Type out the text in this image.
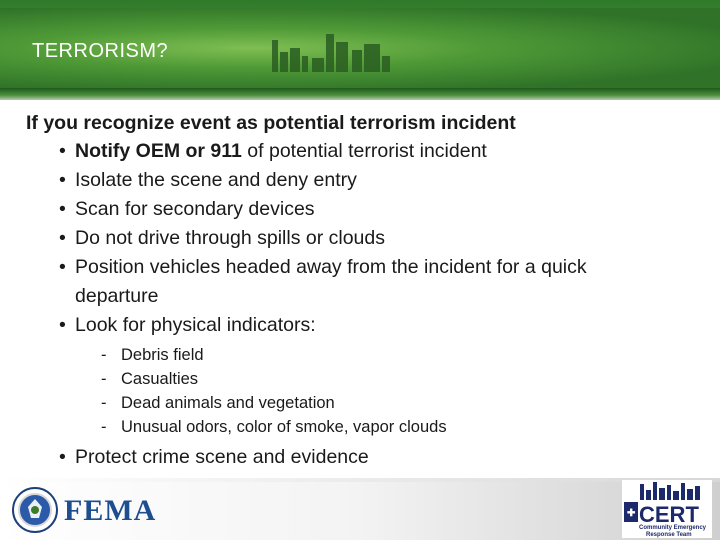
TERRORISM?

If you recognize event as potential terrorism incident

• Notify OEM or 911 of potential terrorist incident
• Isolate the scene and deny entry
• Scan for secondary devices
• Do not drive through spills or clouds
• Position vehicles headed away from the incident for a quick departure
• Look for physical indicators:
- Debris field
- Casualties
- Dead animals and vegetation
- Unusual odors, color of smoke, vapor clouds
• Protect crime scene and evidence
FEMA	✚ CERT
Community Emergency
Response Team
